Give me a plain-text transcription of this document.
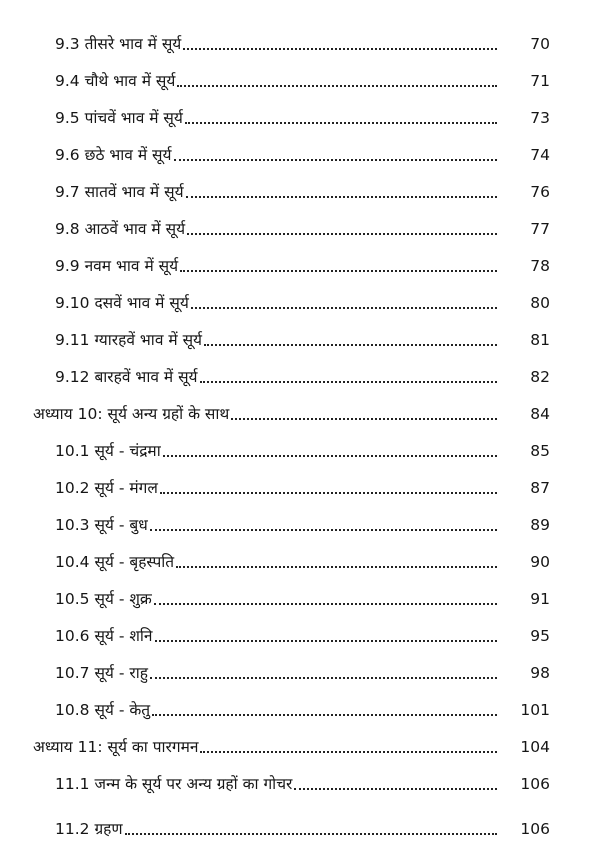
9.3 तीसरे भाव में सूर्य	70
9.4 चौथे भाव में सूर्य	71
9.5 पांचवें भाव में सूर्य	73
9.6 छठे भाव में सूर्य	74
9.7 सातवें भाव में सूर्य	76
9.8 आठवें भाव में सूर्य	77
9.9 नवम भाव में सूर्य	78
9.10 दसवें भाव में सूर्य	80
9.11 ग्यारहवें भाव में सूर्य	81
9.12 बारहवें भाव में सूर्य	82
अध्याय 10: सूर्य अन्य ग्रहों के साथ	84
10.1 सूर्य - चंद्रमा	85
10.2 सूर्य - मंगल	87
10.3 सूर्य - बुध	89
10.4 सूर्य - बृहस्पति	90
10.5 सूर्य - शुक्र	91
10.6 सूर्य - शनि	95
10.7 सूर्य - राहु	98
10.8 सूर्य - केतु	101
अध्याय 11: सूर्य का पारगमन	104
11.1 जन्म के सूर्य पर अन्य ग्रहों का गोचर	106
11.2 ग्रहण	106
